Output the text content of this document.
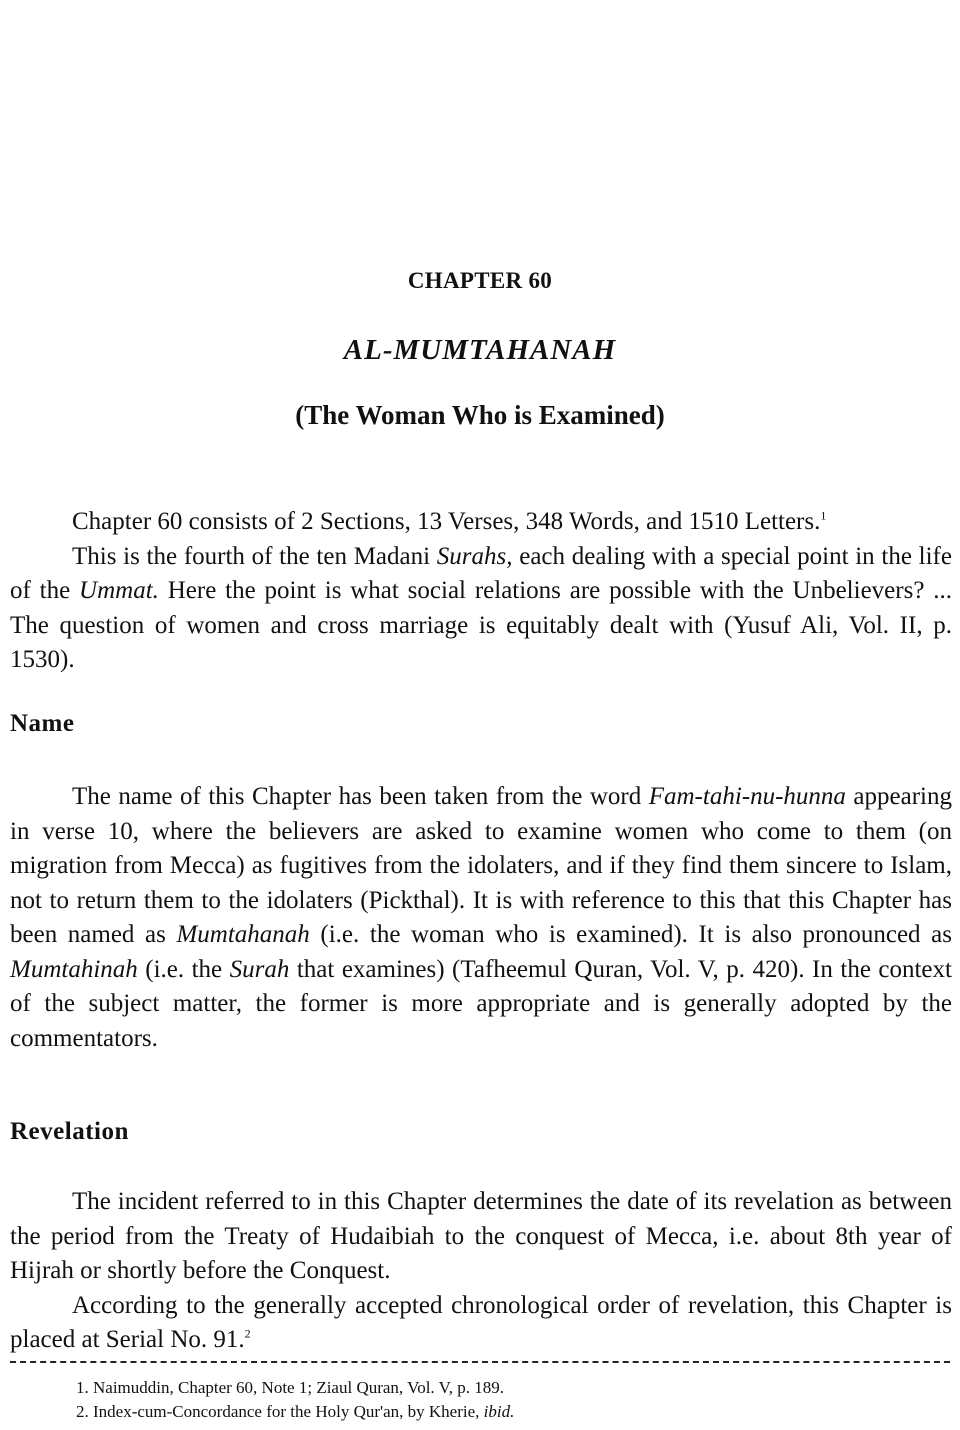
CHAPTER 60
AL-MUMTAHANAH
(The Woman Who is Examined)

Chapter 60 consists of 2 Sections, 13 Verses, 348 Words, and 1510 Letters.$^1$

This is the fourth of the ten Madani Surahs, each dealing with a special point in the life of the Ummat. Here the point is what social relations are possible with the Unbelievers? ... The question of women and cross marriage is equitably dealt with (Yusuf Ali, Vol. II, p. 1530).

Name

The name of this Chapter has been taken from the word Fam-tahi-nu-hunna appearing in verse 10, where the believers are asked to examine women who come to them (on migration from Mecca) as fugitives from the idolaters, and if they find them sincere to Islam, not to return them to the idolaters (Pickthal). It is with reference to this that this Chapter has been named as Mumtahanah (i.e. the woman who is examined). It is also pronounced as Mumtahinah (i.e. the Surah that examines) (Tafheemul Quran, Vol. V, p. 420). In the context of the subject matter, the former is more appropriate and is generally adopted by the commentators.

Revelation

The incident referred to in this Chapter determines the date of its revelation as between the period from the Treaty of Hudaibiah to the conquest of Mecca, i.e. about 8th year of Hijrah or shortly before the Conquest.

According to the generally accepted chronological order of revelation, this Chapter is placed at Serial No. 91.$^2$

1. Naimuddin, Chapter 60, Note 1; Ziaul Quran, Vol. V, p. 189.
2. Index-cum-Concordance for the Holy Qur'an, by Kherie, ibid.
